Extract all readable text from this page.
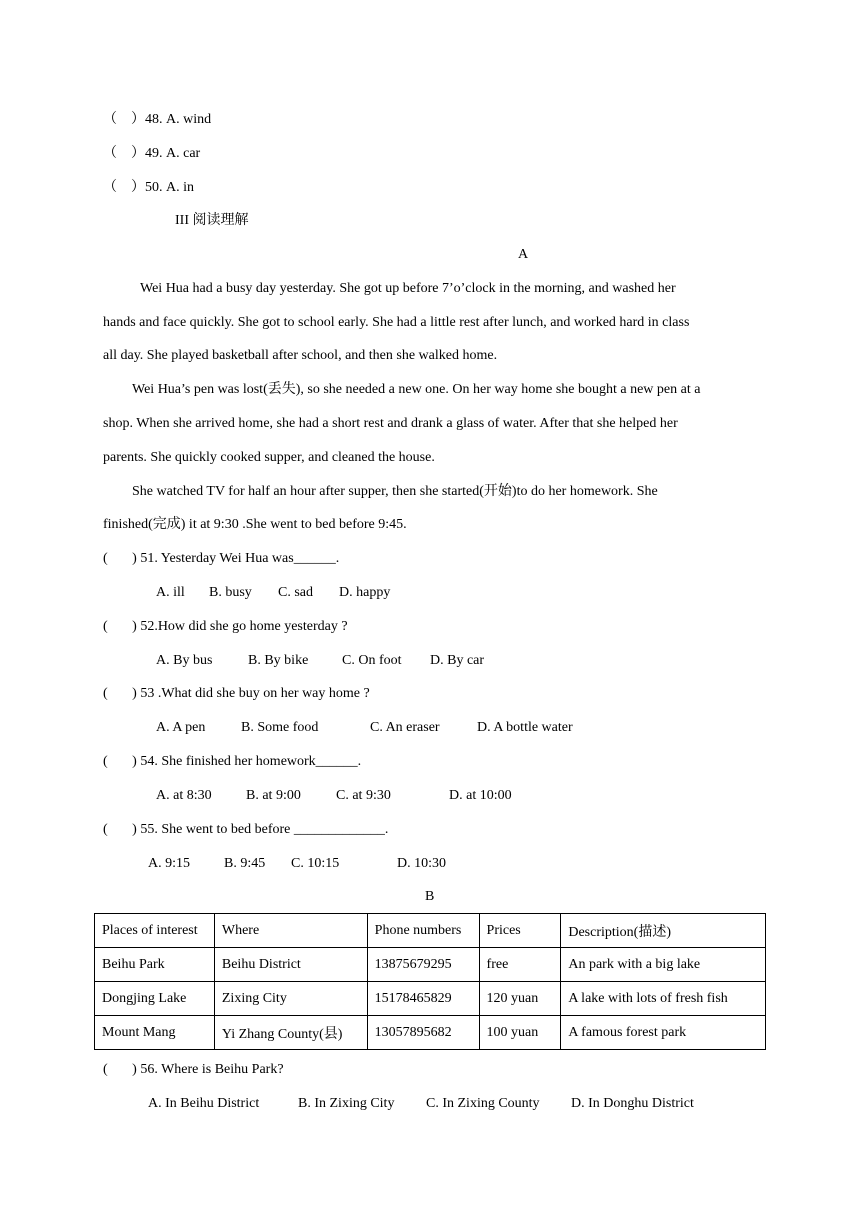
（    ）48. A. wind
（    ）49. A. car
（    ）50. A. in
III 阅读理解
A
Wei Hua had a busy day yesterday. She got up before 7’o’clock in the morning, and washed her
hands and face quickly. She got to school early. She had a little rest after lunch, and worked hard in class
all day. She played basketball after school, and then she walked home.
Wei Hua’s pen was lost(丢失), so she needed a new one. On her way home she bought a new pen at a
shop. When she arrived home, she had a short rest and drank a glass of water. After that she helped her
parents. She quickly cooked supper, and cleaned the house.
She watched TV for half an hour after supper, then she started(开始)to do her homework. She
finished(完成) it at 9:30 .She went to bed before 9:45.
(       ) 51. Yesterday Wei Hua was______.
A. ill B. busy C. sad D. happy
(       ) 52.How did she go home yesterday ?
A. By bus	B. By bike C. On foot D. By car
(       ) 53 .What did she buy on her way home ?
A. A pen	B. Some food	C. An eraser	D. A bottle water
(       ) 54. She finished her homework______.
A. at 8:30 B. at 9:00	C. at 9:30	D. at 10:00
(       ) 55. She went to bed before _____________.
A. 9:15 B. 9:45 C. 10:15	D. 10:30
B
Places of interest	Where	Phone numbers	Prices	Description(描述)
Beihu Park	Beihu District	13875679295	free	An park with a big lake
Dongjing Lake	Zixing City	15178465829	120 yuan	A lake with lots of fresh fish
Mount Mang	Yi Zhang County(县)	13057895682	100 yuan	A famous forest park
(       ) 56. Where is Beihu Park?
A. In Beihu District	B. In Zixing City C. In Zixing County D. In Donghu District
